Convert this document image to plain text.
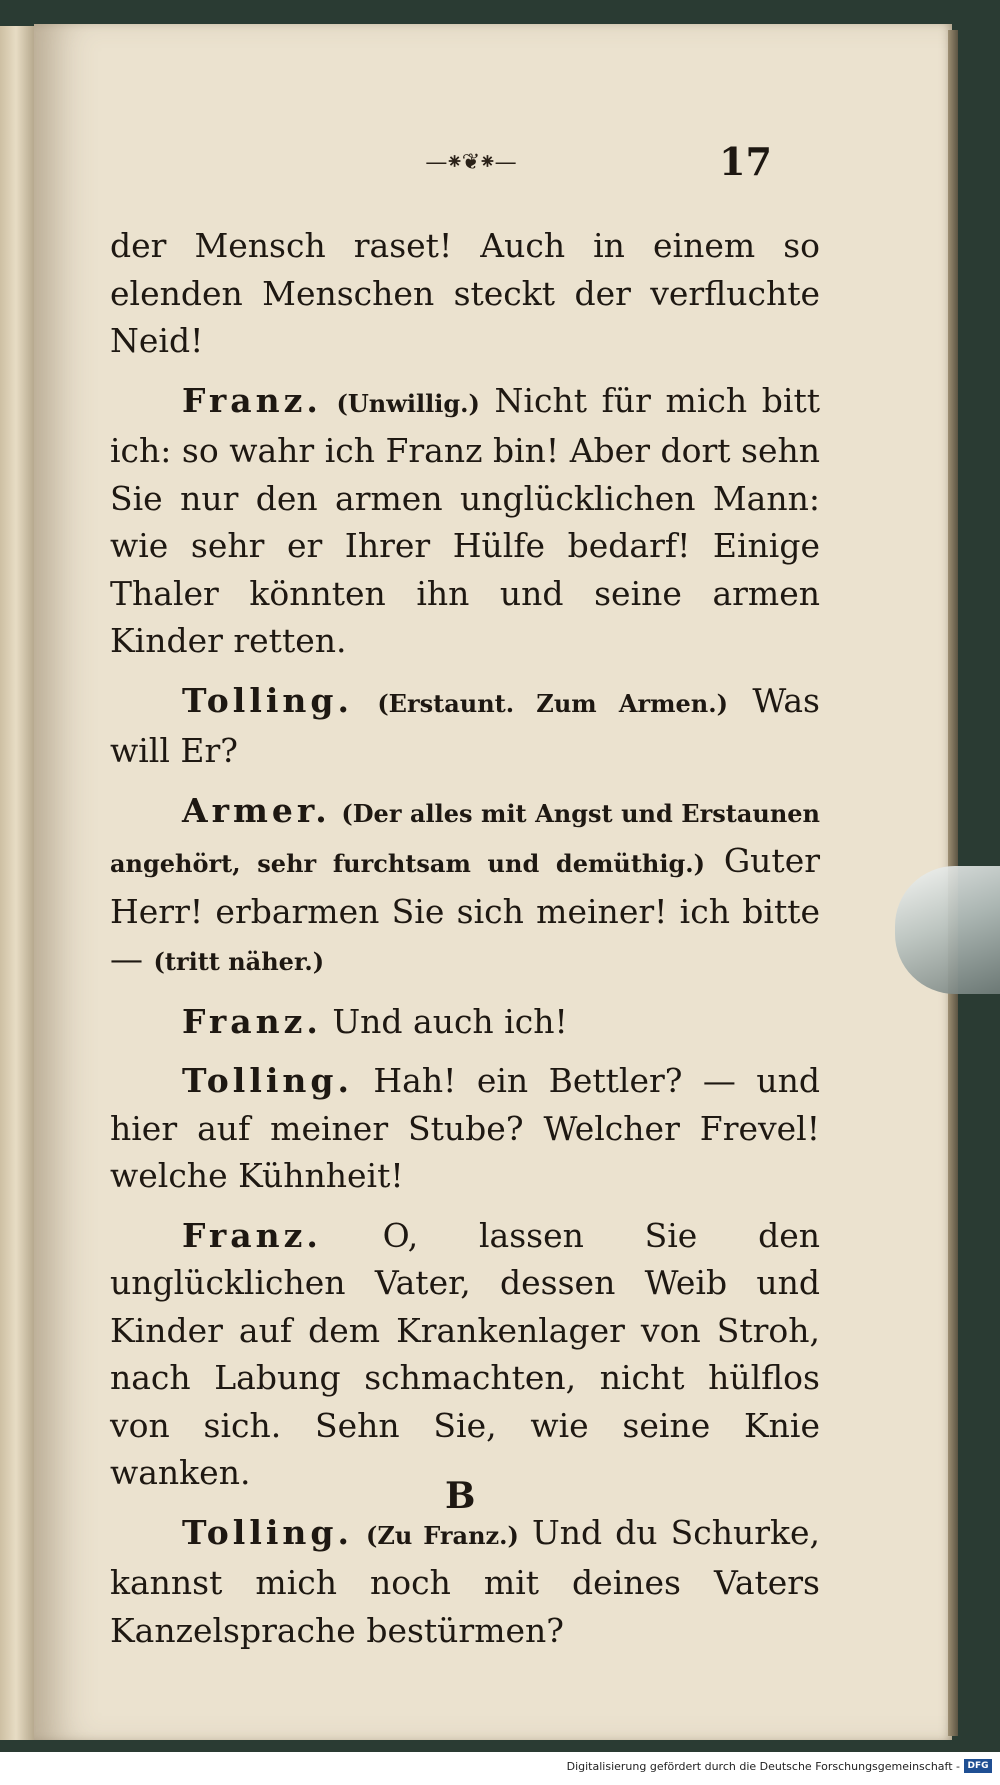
—⁕❦⁕—	17

der Mensch raset! Auch in einem so elenden Menschen steckt der verfluchte Neid!

Franz. (Unwillig.) Nicht für mich bitt ich: so wahr ich Franz bin! Aber dort sehn Sie nur den armen unglücklichen Mann: wie sehr er Ihrer Hülfe bedarf! Einige Thaler könnten ihn und seine armen Kinder retten.

Tolling. (Erstaunt. Zum Armen.) Was will Er?

Armer. (Der alles mit Angst und Erstaunen angehört, sehr furchtsam und demüthig.) Guter Herr! erbarmen Sie sich meiner! ich bitte — (tritt näher.)

Franz. Und auch ich!

Tolling. Hah! ein Bettler? — und hier auf meiner Stube? Welcher Frevel! welche Kühnheit!

Franz. O, lassen Sie den unglücklichen Vater, dessen Weib und Kinder auf dem Krankenlager von Stroh, nach Labung schmachten, nicht hülflos von sich. Sehn Sie, wie seine Knie wanken.

Tolling. (Zu Franz.) Und du Schurke, kannst mich noch mit deines Vaters Kanzelsprache bestürmen?

B
Digitalisierung gefördert durch die Deutsche Forschungsgemeinschaft - DFG
